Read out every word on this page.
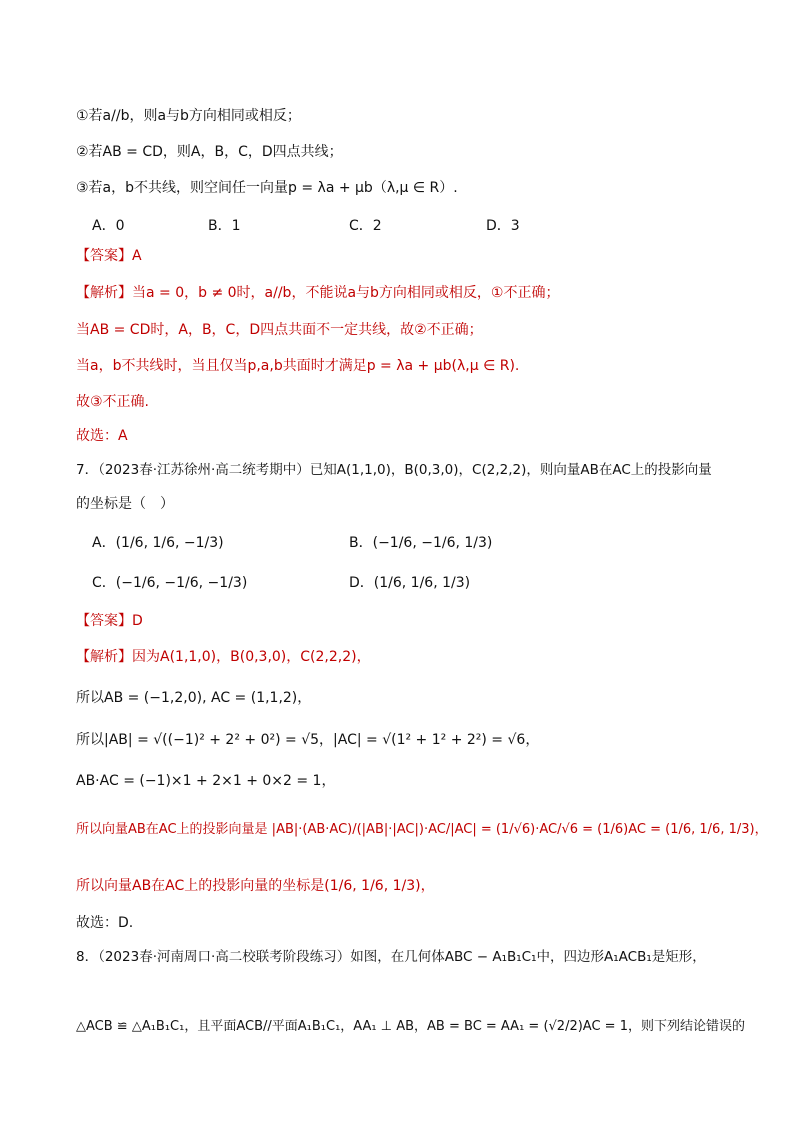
①若a//b，则a与b方向相同或相反；
②若AB = CD，则A，B，C，D四点共线；
③若a，b不共线，则空间任一向量p = λa + μb（λ,μ ∈ R）.
A．0	B．1	C．2	D．3
【答案】A
【解析】当a = 0，b ≠ 0时，a//b，不能说a与b方向相同或相反，①不正确；
当AB = CD时，A，B，C，D四点共面不一定共线，故②不正确；
当a，b不共线时，当且仅当p,a,b共面时才满足p = λa + μb(λ,μ ∈ R).
故③不正确.
故选：A
7．（2023春·江苏徐州·高二统考期中）已知A(1,1,0)，B(0,3,0)，C(2,2,2)，则向量AB在AC上的投影向量
的坐标是（　）
A．(1/6, 1/6, −1/3)	B．(−1/6, −1/6, 1/3)
C．(−1/6, −1/6, −1/3)	D．(1/6, 1/6, 1/3)
【答案】D
【解析】因为A(1,1,0)，B(0,3,0)，C(2,2,2)，
所以AB = (−1,2,0), AC = (1,1,2)，
所以|AB| = √((−1)² + 2² + 0²) = √5，|AC| = √(1² + 1² + 2²) = √6，
AB·AC = (−1)×1 + 2×1 + 0×2 = 1，
所以向量AB在AC上的投影向量是 |AB|·(AB·AC)/(|AB|·|AC|)·AC/|AC| = (1/√6)·AC/√6 = (1/6)AC = (1/6, 1/6, 1/3)，
所以向量AB在AC上的投影向量的坐标是(1/6, 1/6, 1/3)，
故选：D.
8．（2023春·河南周口·高二校联考阶段练习）如图，在几何体ABC − A₁B₁C₁中，四边形A₁ACB₁是矩形，
△ACB ≌ △A₁B₁C₁，且平面ACB//平面A₁B₁C₁，AA₁ ⊥ AB，AB = BC = AA₁ = (√2/2)AC = 1，则下列结论错误的
